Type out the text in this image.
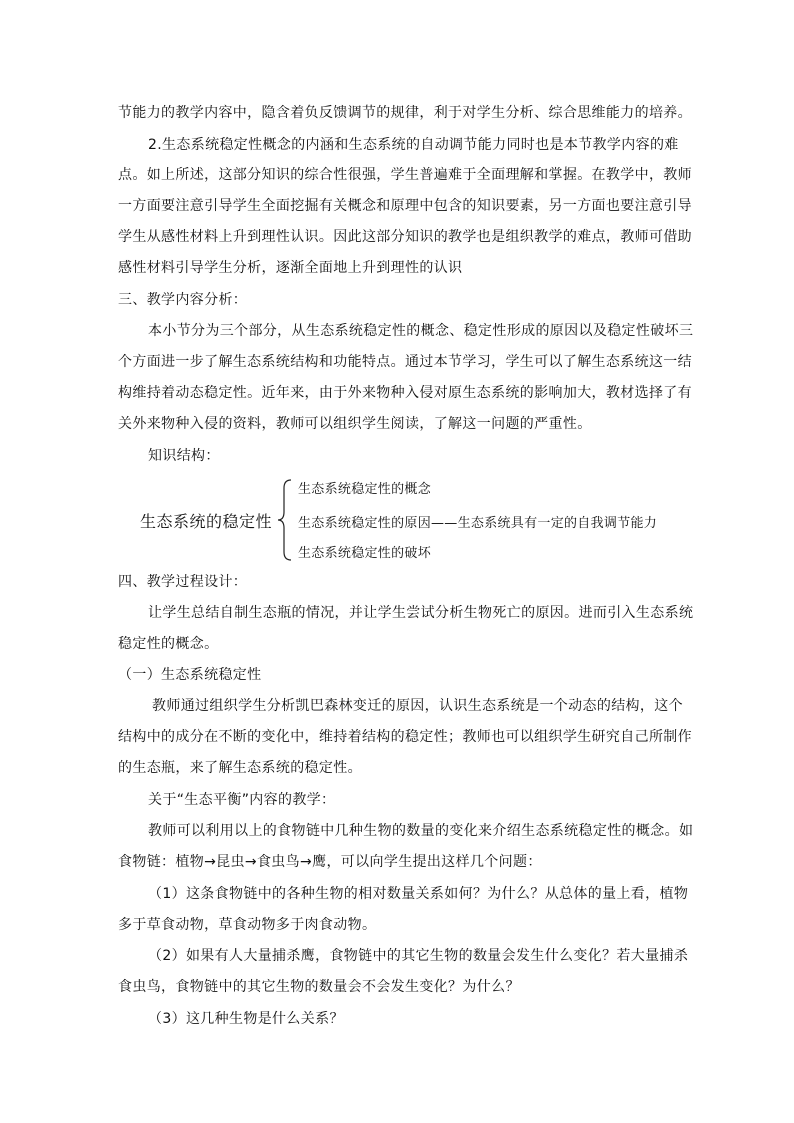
节能力的教学内容中，隐含着负反馈调节的规律，利于对学生分析、综合思维能力的培养。
2.生态系统稳定性概念的内涵和生态系统的自动调节能力同时也是本节教学内容的难
点。如上所述，这部分知识的综合性很强，学生普遍难于全面理解和掌握。在教学中，教师
一方面要注意引导学生全面挖掘有关概念和原理中包含的知识要素，另一方面也要注意引导
学生从感性材料上升到理性认识。因此这部分知识的教学也是组织教学的难点，教师可借助
感性材料引导学生分析，逐渐全面地上升到理性的认识
三、教学内容分析：
本小节分为三个部分，从生态系统稳定性的概念、稳定性形成的原因以及稳定性破坏三
个方面进一步了解生态系统结构和功能特点。通过本节学习，学生可以了解生态系统这一结
构维持着动态稳定性。近年来，由于外来物种入侵对原生态系统的影响加大，教材选择了有
关外来物种入侵的资料，教师可以组织学生阅读，了解这一问题的严重性。
知识结构：
生态系统的稳定性
生态系统稳定性的概念
生态系统稳定性的原因——生态系统具有一定的自我调节能力
生态系统稳定性的破坏
四、教学过程设计：
让学生总结自制生态瓶的情况，并让学生尝试分析生物死亡的原因。进而引入生态系统
稳定性的概念。
（一）生态系统稳定性
教师通过组织学生分析凯巴森林变迁的原因，认识生态系统是一个动态的结构，这个
结构中的成分在不断的变化中，维持着结构的稳定性；教师也可以组织学生研究自己所制作
的生态瓶，来了解生态系统的稳定性。
关于“生态平衡”内容的教学：
教师可以利用以上的食物链中几种生物的数量的变化来介绍生态系统稳定性的概念。如
食物链：植物→昆虫→食虫鸟→鹰，可以向学生提出这样几个问题：
（1）这条食物链中的各种生物的相对数量关系如何？为什么？从总体的量上看，植物
多于草食动物，草食动物多于肉食动物。
（2）如果有人大量捕杀鹰，食物链中的其它生物的数量会发生什么变化？若大量捕杀
食虫鸟，食物链中的其它生物的数量会不会发生变化？为什么？
（3）这几种生物是什么关系？
